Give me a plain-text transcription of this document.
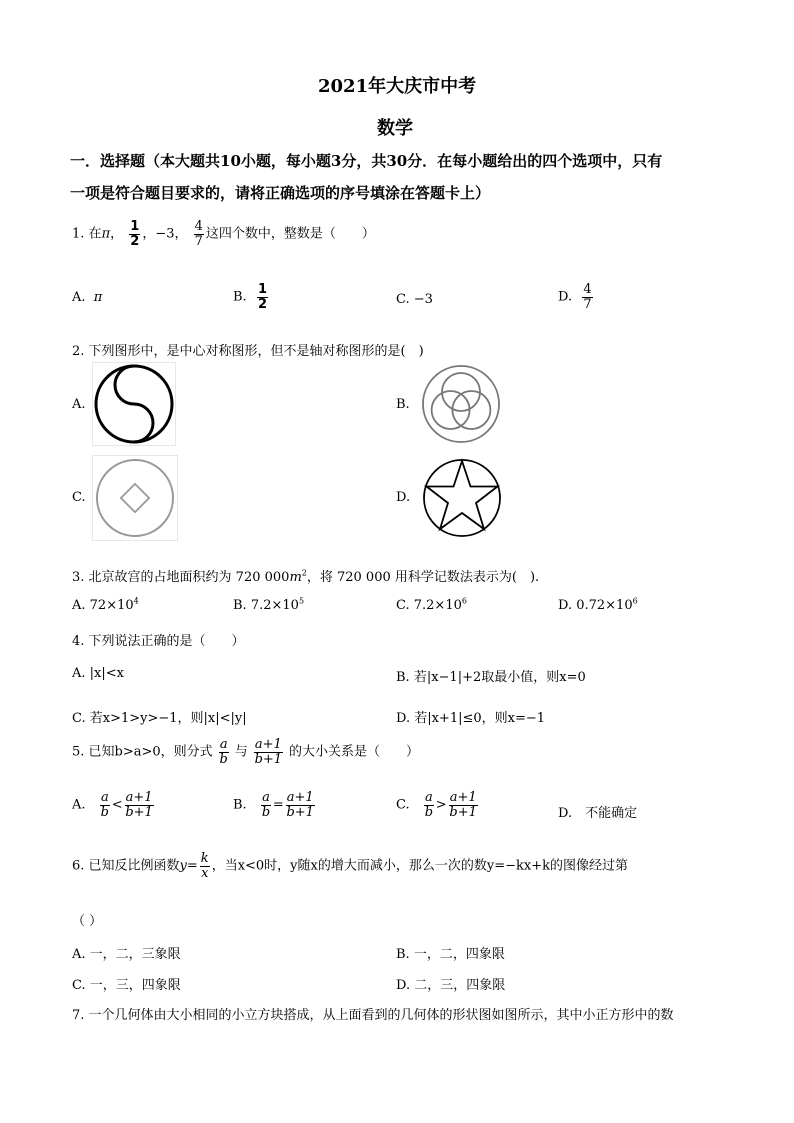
2021年大庆市中考
数学
一．选择题（本大题共10小题，每小题3分，共30分．在每小题给出的四个选项中，只有
一项是符合题目要求的，请将正确选项的序号填涂在答题卡上）
1. 在π， $\frac{1}{2}$ ，−3， $\frac{4}{7}$ 这四个数中，整数是（　　）
A. π	B. $\frac{1}{2}$	C. −3	D. $\frac{4}{7}$
2. 下列图形中，是中心对称图形，但不是轴对称图形的是(　)
A.	B.
C.	D.
3. 北京故宫的占地面积约为 720 $000m^2$，将 720 000 用科学记数法表示为(　).
A. $72\times 10^4$	B. $7.2\times 10^5$	C. $7.2\times 10^6$	D. $0.72\times 10^6$
4. 下列说法正确的是（　　）
A. |x|<x	B. 若|x−1|+2取最小值，则x=0
C. 若x>1>y>−1，则|x|<|y|	D. 若|x+1|≤0，则x=−1
5. 已知b>a>0，则分式 $\frac{a}{b}$ 与 $\frac{a+1}{b+1}$ 的大小关系是（　　）
A. $\frac{a}{b} < \frac{a+1}{b+1}$	B. $\frac{a}{b} = \frac{a+1}{b+1}$	C. $\frac{a}{b} > \frac{a+1}{b+1}$	D.　不能确定
6. 已知反比例函数$y= \frac{k}{x}$ ，当x<0时，y随x的增大而减小，那么一次的数y=−kx+k的图像经过第
（ ）
A. 一，二，三象限	B. 一，二，四象限
C. 一，三，四象限	D. 二，三，四象限
7. 一个几何体由大小相同的小立方块搭成，从上面看到的几何体的形状图如图所示，其中小正方形中的数
